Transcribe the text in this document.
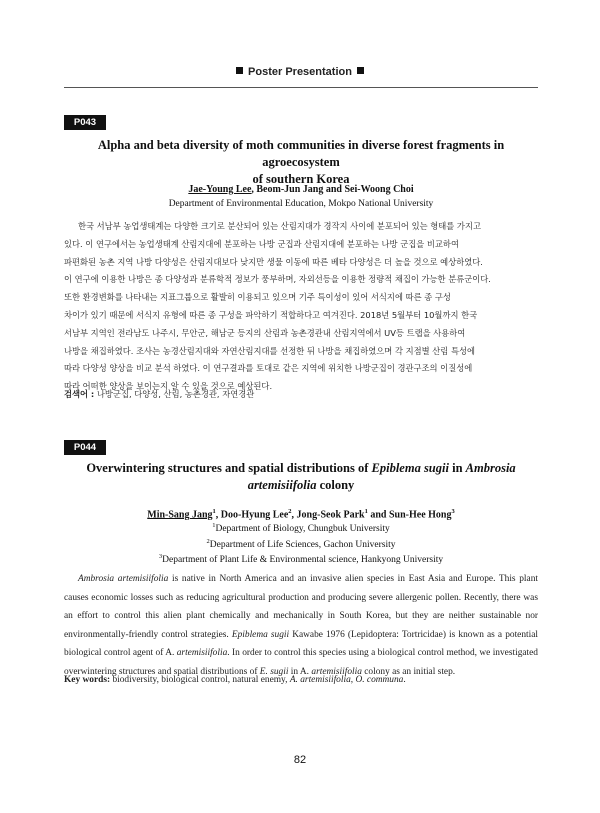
Poster Presentation
P043
Alpha and beta diversity of moth communities in diverse forest fragments in agroecosystem
of southern Korea
Jae-Young Lee, Beom-Jun Jang and Sei-Woong Choi
Department of Environmental Education, Mokpo National University
한국 서남부 농업생태계는 다양한 크기로 분산되어 있는 산림지대가 경작지 사이에 분포되어 있는 형태를 가지고
있다. 이 연구에서는 농업생태계 산림지대에 분포하는 나방 군집과 산림지대에 분포하는 나방 군집을 비교하여
파편화된 농촌 지역 나방 다양성은 산림지대보다 낮지만 생물 이동에 따른 베타 다양성은 더 높을 것으로 예상하였다.
이 연구에 이용한 나방은 종 다양성과 분류학적 정보가 풍부하며, 자외선등을 이용한 정량적 채집이 가능한 분류군이다.
또한 환경변화를 나타내는 지표그룹으로 활발히 이용되고 있으며 기주 특이성이 있어 서식지에 따른 종 구성
차이가 있기 때문에 서식지 유형에 따른 종 구성을 파악하기 적합하다고 여겨진다. 2018년 5월부터 10월까지 한국
서남부 지역인 전라남도 나주시, 무안군, 해남군 등지의 산림과 농촌경관내 산림지역에서 UV등 트랩을 사용하여
나방을 채집하였다. 조사는 농경산림지대와 자연산림지대를 선정한 뒤 나방을 채집하였으며 각 지점별 산림 특성에
따라 다양성 양상을 비교 분석 하였다. 이 연구결과를 토대로 같은 지역에 위치한 나방군집이 경관구조의 이질성에
따라 어떠한 양상을 보이는지 알 수 있을 것으로 예상된다.
검색어 : 나방군집, 다양성, 산림, 농촌경관, 자연경관
P044
Overwintering structures and spatial distributions of Epiblema sugii in Ambrosia
artemisiifolia colony
Min-Sang Jang$^1$, Doo-Hyung Lee$^2$, Jong-Seok Park$^1$ and Sun-Hee Hong$^3$
$^1$Department of Biology, Chungbuk University
$^2$Department of Life Sciences, Gachon University
$^3$Department of Plant Life & Environmental science, Hankyong University

Ambrosia artemisiifolia is native in North America and an invasive alien species in East Asia and Europe. This plant causes economic losses such as reducing agricultural production and producing severe allergenic pollen. Recently, there was an effort to control this alien plant chemically and mechanically in South Korea, but they are neither sustainable nor environmentally-friendly control strategies. Epiblema sugii Kawabe 1976 (Lepidoptera: Tortricidae) is known as a potential biological control agent of A. artemisiifolia. In order to control this species using a biological control method, we investigated overwintering structures and spatial distributions of E. sugii in A. artemisiifolia colony as an initial step.

Key words: biodiversity, biological control, natural enemy, A. artemisiifolia, O. communa.
82
